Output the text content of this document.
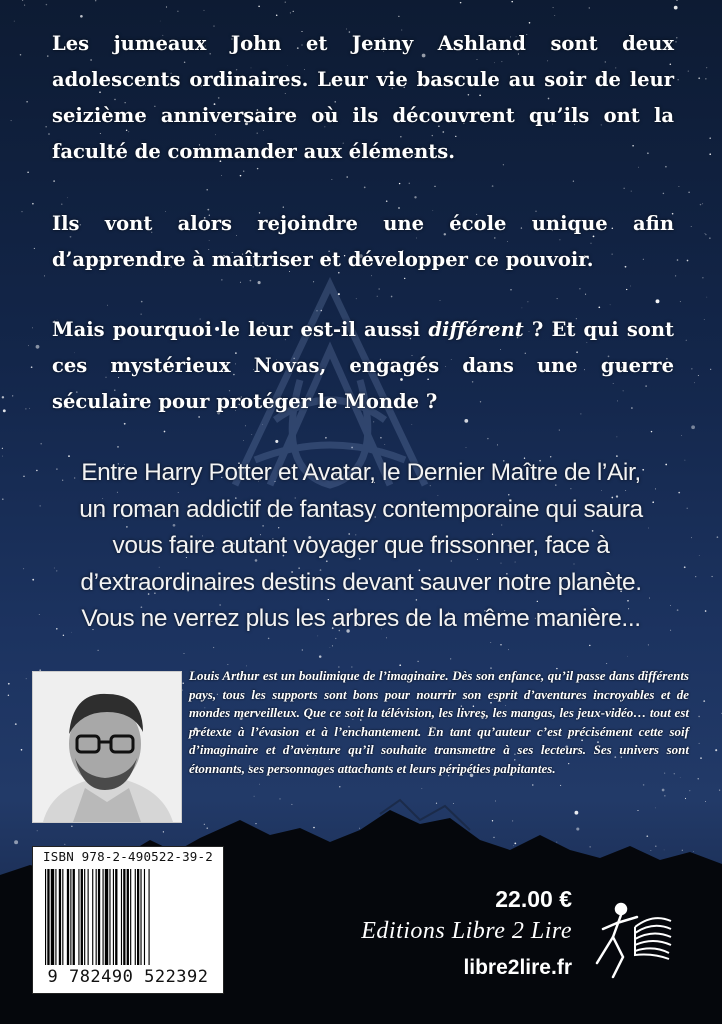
Les jumeaux John et Jenny Ashland sont deux adolescents ordinaires. Leur vie bascule au soir de leur seizième anniversaire où ils découvrent qu’ils ont la faculté de commander aux éléments.

Ils vont alors rejoindre une école unique afin d’apprendre à maîtriser et développer ce pouvoir.

Mais pourquoi le leur est-il aussi différent ? Et qui sont ces mystérieux Novas, engagés dans une guerre séculaire pour protéger le Monde ?

Entre Harry Potter et Avatar, le Dernier Maître de l’Air,
un roman addictif de fantasy contemporaine qui saura
vous faire autant voyager que frissonner, face à
d’extraordinaires destins devant sauver notre planète.
Vous ne verrez plus les arbres de la même manière...

Louis Arthur est un boulimique de l’imaginaire. Dès son enfance, qu’il passe dans différents pays, tous les supports sont bons pour nourrir son esprit d’aventures incroyables et de mondes merveilleux. Que ce soit la télévision, les livres, les mangas, les jeux-vidéo… tout est prétexte à l’évasion et à l’enchantement. En tant qu’auteur c’est précisément cette soif d’imaginaire et d’aventure qu’il souhaite transmettre à ses lecteurs. Ses univers sont étonnants, ses personnages attachants et leurs péripéties palpitantes.

ISBN 978-2-490522-39-2
9 782490 522392
22.00 €
Editions Libre 2 Lire
libre2lire.fr
